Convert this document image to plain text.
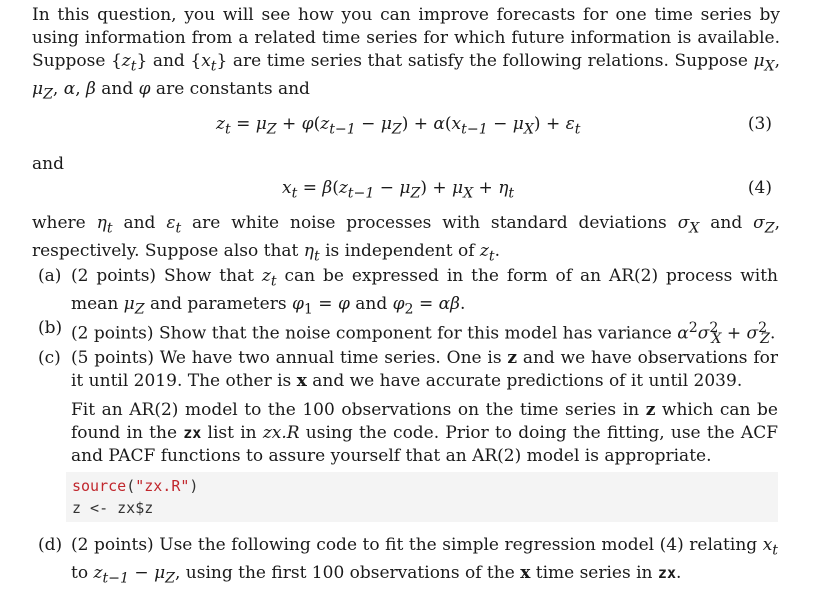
In this question, you will see how you can improve forecasts for one time series by using information from a related time series for which future information is available. Suppose $\{z_t\}$ and $\{x_t\}$ are time series that satisfy the following relations. Suppose $\mu_X$, $\mu_Z$, α, β and φ are constants and
$z_t = \mu_Z + \varphi(z_{t-1} - \mu_Z) + \alpha(x_{t-1} - \mu_X) + \varepsilon_t$	(3)
and
$x_t = \beta(z_{t-1} - \mu_Z) + \mu_X + \eta_t$	(4)
where $\eta_t$ and $\varepsilon_t$ are white noise processes with standard deviations $\sigma_X$ and $\sigma_Z$, respectively. Suppose also that $\eta_t$ is independent of $z_t$.
(a) (2 points) Show that $z_t$ can be expressed in the form of an AR(2) process with mean $\mu_Z$ and parameters $\varphi_1 = \varphi$ and $\varphi_2 = \alpha\beta$.
(b) (2 points) Show that the noise component for this model has variance $\alpha^2\sigma^2_X + \sigma^2_Z$.
(c) (5 points) We have two annual time series. One is z and we have observations for it until 2019. The other is x and we have accurate predictions of it until 2039.
Fit an AR(2) model to the 100 observations on the time series in z which can be found in the zx list in zx.R using the code. Prior to doing the fitting, use the ACF and PACF functions to assure yourself that an AR(2) model is appropriate.
source("zx.R")
z <- zx$z
(d) (2 points) Use the following code to fit the simple regression model (4) relating $x_t$ to $z_{t-1} - \mu_Z$, using the first 100 observations of the x time series in zx.
